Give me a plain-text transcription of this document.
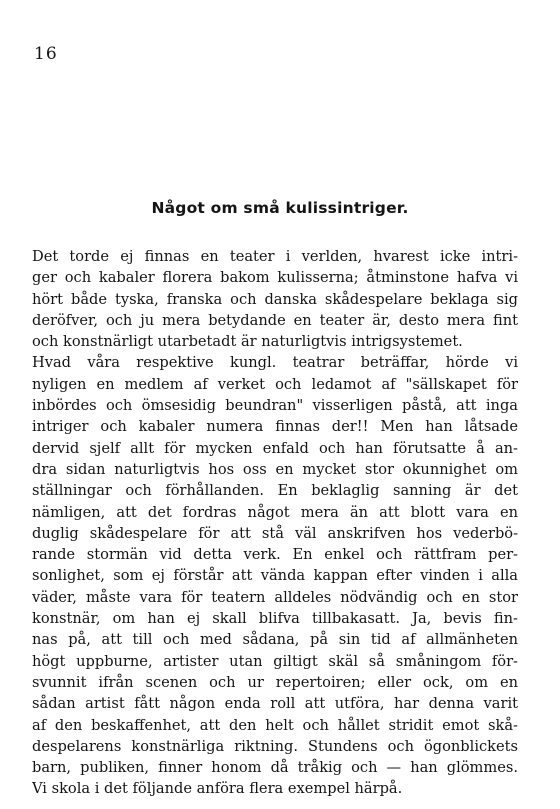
16
Något om små kulissintriger.
Det torde ej finnas en teater i verlden, hvarest icke intri-
ger och kabaler florera bakom kulisserna; åtminstone hafva vi
hört både tyska, franska och danska skådespelare beklaga sig
deröfver, och ju mera betydande en teater är, desto mera fint
och konstnärligt utarbetadt är naturligtvis intrigsystemet.
Hvad våra respektive kungl. teatrar beträffar, hörde vi
nyligen en medlem af verket och ledamot af "sällskapet för
inbördes och ömsesidig beundran" visserligen påstå, att inga
intriger och kabaler numera finnas der!! Men han låtsade
dervid sjelf allt för mycken enfald och han förutsatte å an-
dra sidan naturligtvis hos oss en mycket stor okunnighet om
ställningar och förhållanden. En beklaglig sanning är det
nämligen, att det fordras något mera än att blott vara en
duglig skådespelare för att stå väl anskrifven hos vederbö-
rande stormän vid detta verk. En enkel och rättfram per-
sonlighet, som ej förstår att vända kappan efter vinden i alla
väder, måste vara för teatern alldeles nödvändig och en stor
konstnär, om han ej skall blifva tillbakasatt. Ja, bevis fin-
nas på, att till och med sådana, på sin tid af allmänheten
högt uppburne, artister utan giltigt skäl så småningom för-
svunnit ifrån scenen och ur repertoiren; eller ock, om en
sådan artist fått någon enda roll att utföra, har denna varit
af den beskaffenhet, att den helt och hållet stridit emot skå-
despelarens konstnärliga riktning. Stundens och ögonblickets
barn, publiken, finner honom då tråkig och — han glömmes.
Vi skola i det följande anföra flera exempel härpå.
